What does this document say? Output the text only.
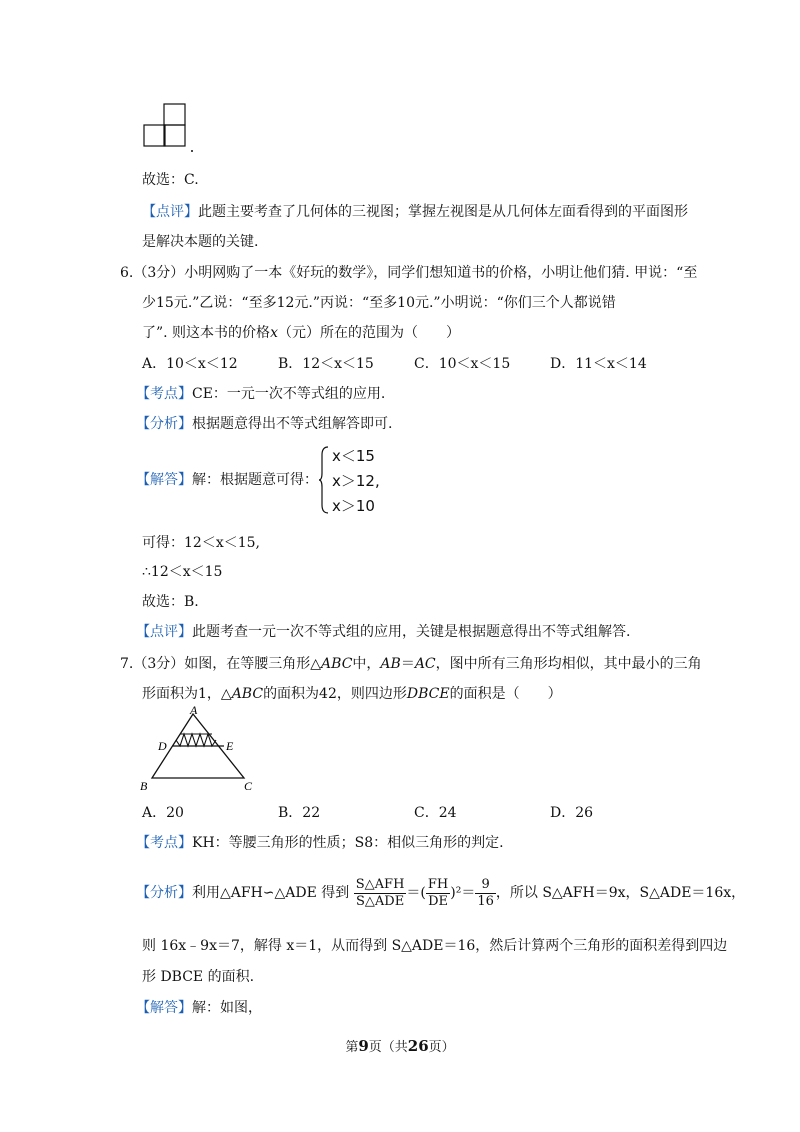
故选：C.
【点评】此题主要考查了几何体的三视图；掌握左视图是从几何体左面看得到的平面图形
是解决本题的关键.
6.（3分）小明网购了一本《好玩的数学》，同学们想知道书的价格，小明让他们猜. 甲说：“至
少15元.”乙说：“至多12元.”丙说：“至多10元.”小明说：“你们三个人都说错
了”. 则这本书的价格x（元）所在的范围为（　　）
A．10＜x＜12	B．12＜x＜15	C．10＜x＜15	D．11＜x＜14
【考点】CE：一元一次不等式组的应用.
【分析】根据题意得出不等式组解答即可.
【解答】解：根据题意可得：
x＜15
x＞12,
x＞10
可得：12＜x＜15,
∴12＜x＜15
故选：B.
【点评】此题考查一元一次不等式组的应用，关键是根据题意得出不等式组解答.
7.（3分）如图，在等腰三角形△ABC中，AB＝AC，图中所有三角形均相似，其中最小的三角
形面积为1，△ABC的面积为42，则四边形DBCE的面积是（　　）
A
D	E
B	C
A．20	B．22	C．24	D．26
【考点】KH：等腰三角形的性质；S8：相似三角形的判定.
【分析】利用△AFH∽△ADE 得到 $\frac{\text{S△AFH}}{\text{S△ADE}}$ ＝( $\frac{FH}{DE} )^2= \frac{9}{16}$ ，所以 S△AFH＝9x，S△ADE＝16x，
则 16x﹣9x＝7，解得 x＝1，从而得到 S△ADE＝16，然后计算两个三角形的面积差得到四边
形 DBCE 的面积.
【解答】解：如图，
第9页（共26页）
